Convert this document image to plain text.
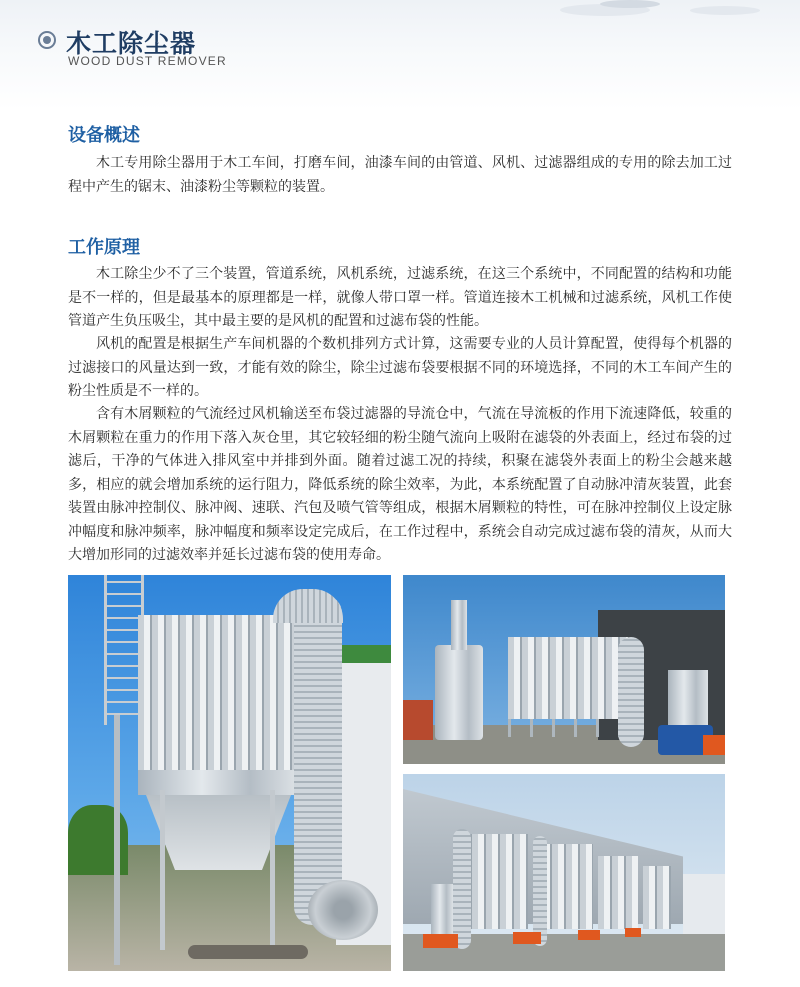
木工除尘器
WOOD DUST REMOVER
设备概述

木工专用除尘器用于木工车间，打磨车间，油漆车间的由管道、风机、过滤器组成的专用的除去加工过程中产生的锯末、油漆粉尘等颗粒的装置。

工作原理

木工除尘少不了三个装置，管道系统，风机系统，过滤系统，在这三个系统中，不同配置的结构和功能是不一样的，但是最基本的原理都是一样，就像人带口罩一样。管道连接木工机械和过滤系统，风机工作使管道产生负压吸尘，其中最主要的是风机的配置和过滤布袋的性能。

风机的配置是根据生产车间机器的个数机排列方式计算，这需要专业的人员计算配置，使得每个机器的过滤接口的风量达到一致，才能有效的除尘，除尘过滤布袋要根据不同的环境选择，不同的木工车间产生的粉尘性质是不一样的。

含有木屑颗粒的气流经过风机输送至布袋过滤器的导流仓中，气流在导流板的作用下流速降低，较重的木屑颗粒在重力的作用下落入灰仓里，其它较轻细的粉尘随气流向上吸附在滤袋的外表面上，经过布袋的过滤后，干净的气体进入排风室中并排到外面。随着过滤工况的持续，积聚在滤袋外表面上的粉尘会越来越多，相应的就会增加系统的运行阻力，降低系统的除尘效率，为此，本系统配置了自动脉冲清灰装置，此套装置由脉冲控制仪、脉冲阀、速联、汽包及喷气管等组成，根据木屑颗粒的特性，可在脉冲控制仪上设定脉冲幅度和脉冲频率，脉冲幅度和频率设定完成后，在工作过程中，系统会自动完成过滤布袋的清灰，从而大大增加形同的过滤效率并延长过滤布袋的使用寿命。
